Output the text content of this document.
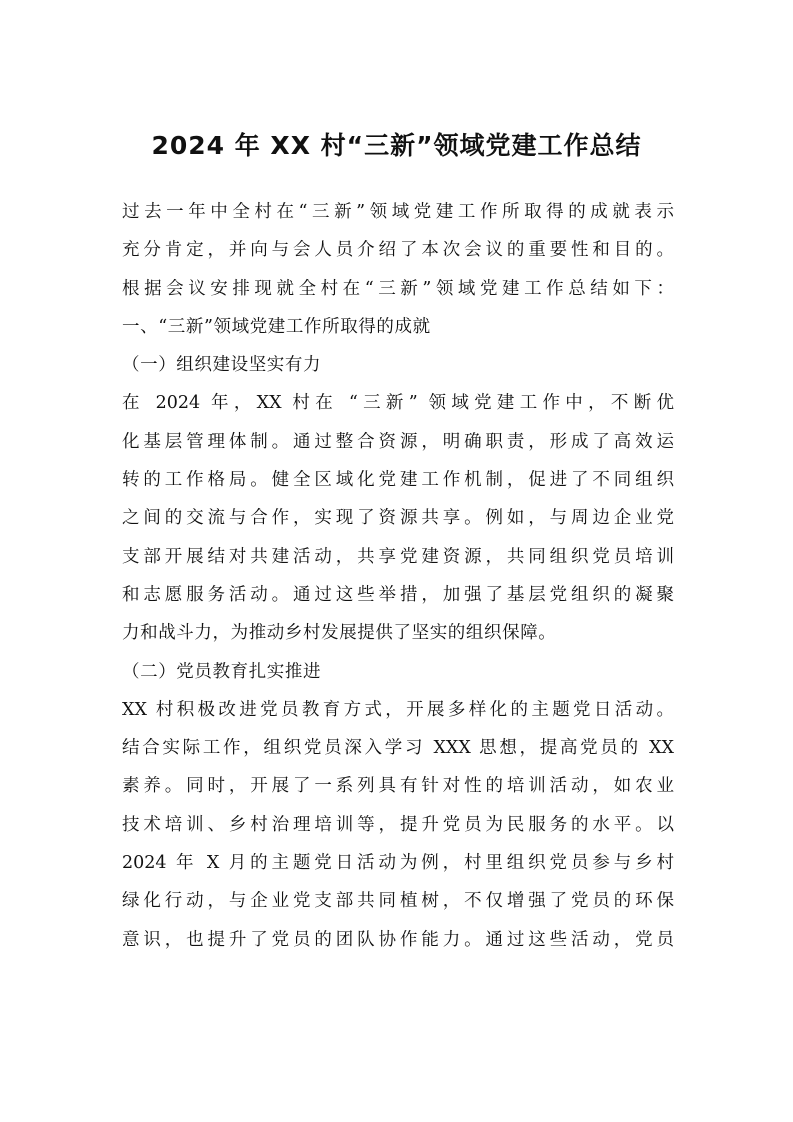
2024 年 XX 村“三新”领域党建工作总结
过去一年中全村在“三新”领域党建工作所取得的成就表示
充分肯定，并向与会人员介绍了本次会议的重要性和目的。
根据会议安排现就全村在“三新”领域党建工作总结如下：
一、“三新”领域党建工作所取得的成就
（一）组织建设坚实有力
在 2024 年，XX 村在 “三新” 领域党建工作中，不断优
化基层管理体制。通过整合资源，明确职责，形成了高效运
转的工作格局。健全区域化党建工作机制，促进了不同组织
之间的交流与合作，实现了资源共享。例如，与周边企业党
支部开展结对共建活动，共享党建资源，共同组织党员培训
和志愿服务活动。通过这些举措，加强了基层党组织的凝聚
力和战斗力，为推动乡村发展提供了坚实的组织保障。
（二）党员教育扎实推进
XX 村积极改进党员教育方式，开展多样化的主题党日活动。
结合实际工作，组织党员深入学习 XXX 思想，提高党员的 XX
素养。同时，开展了一系列具有针对性的培训活动，如农业
技术培训、乡村治理培训等，提升党员为民服务的水平。以
2024 年 X 月的主题党日活动为例，村里组织党员参与乡村
绿化行动，与企业党支部共同植树，不仅增强了党员的环保
意识，也提升了党员的团队协作能力。通过这些活动，党员
